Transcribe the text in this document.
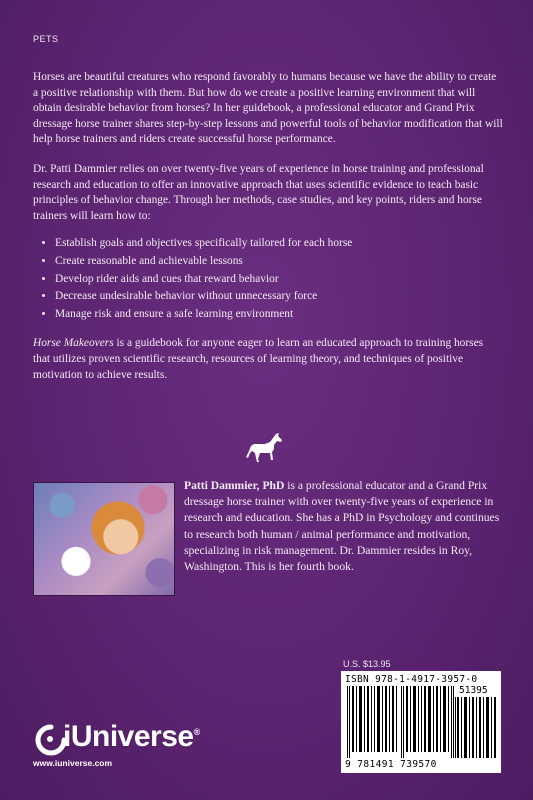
PETS

Horses are beautiful creatures who respond favorably to humans because we have the ability to create a positive relationship with them. But how do we create a positive learning environment that will obtain desirable behavior from horses? In her guidebook, a professional educator and Grand Prix dressage horse trainer shares step-by-step lessons and powerful tools of behavior modification that will help horse trainers and riders create successful horse performance.

Dr. Patti Dammier relies on over twenty-five years of experience in horse training and professional research and education to offer an innovative approach that uses scientific evidence to teach basic principles of behavior change. Through her methods, case studies, and key points, riders and horse trainers will learn how to:

• Establish goals and objectives specifically tailored for each horse
• Create reasonable and achievable lessons
• Develop rider aids and cues that reward behavior
• Decrease undesirable behavior without unnecessary force
• Manage risk and ensure a safe learning environment

Horse Makeovers is a guidebook for anyone eager to learn an educated approach to training horses that utilizes proven scientific research, resources of learning theory, and techniques of positive motivation to achieve results.

Patti Dammier, PhD is a professional educator and a Grand Prix dressage horse trainer with over twenty-five years of experience in research and education. She has a PhD in Psychology and continues to research both human / animal performance and motivation, specializing in risk management. Dr. Dammier resides in Roy, Washington. This is her fourth book.
U.S. $13.95
ISBN 978-1-4917-3957-0
51395
9 781491 739570
iUniverse®
www.iuniverse.com
